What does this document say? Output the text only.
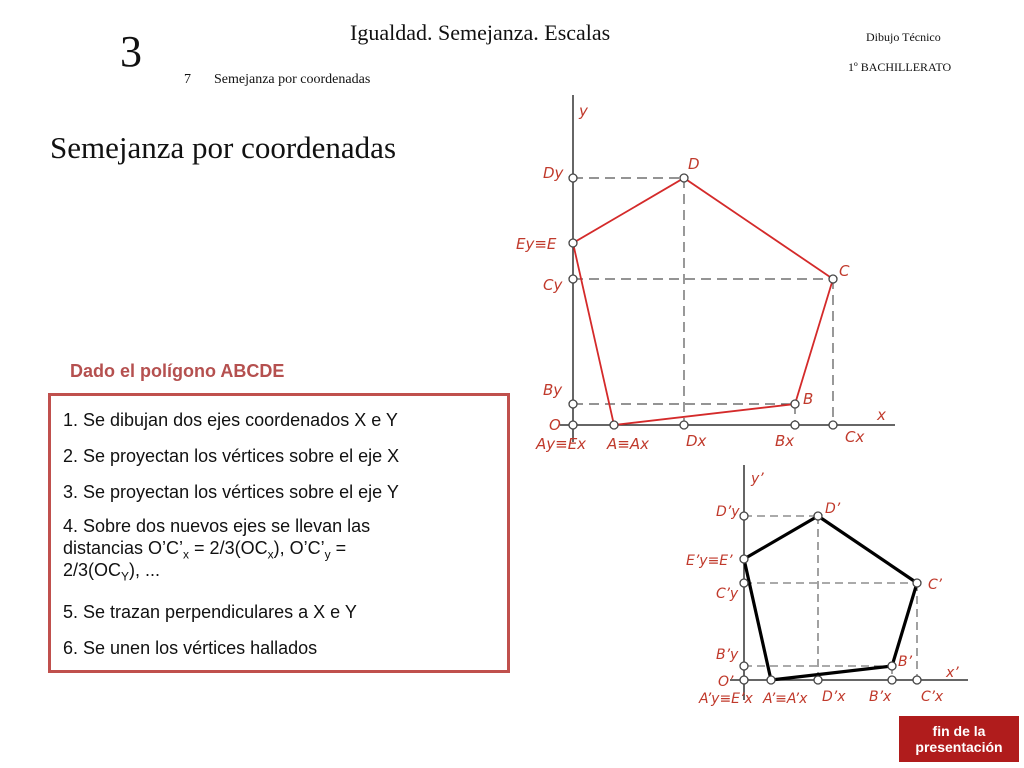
3	Igualdad. Semejanza. Escalas
7 Semejanza por coordenadas
Dibujo Técnico
1º BACHILLERATO
Semejanza por coordenadas
Dado el polígono ABCDE
1. Se dibujan dos ejes coordenados X e Y
2. Se proyectan los vértices sobre el eje X
3. Se proyectan los vértices sobre el eje Y
4. Sobre dos nuevos ejes se llevan las
distancias $O’C’_x = 2/3(OC_x)$, $O’C’_y$ =
$2/3(OC_Y)$, ...
5. Se trazan perpendiculares a X e Y
6. Se unen los vértices hallados
y
x
O
D
C
B
Ey≡E
Dy
Cy
By
Ay≡Ex A≡Ax Dx	Bx	Cx
y’
x’
O’
D’
C’
B’
E’y≡E’
D’y
C’y
B’y
A’y≡E’x A’≡A’x D’x B’x C’x
fin de la
presentación
